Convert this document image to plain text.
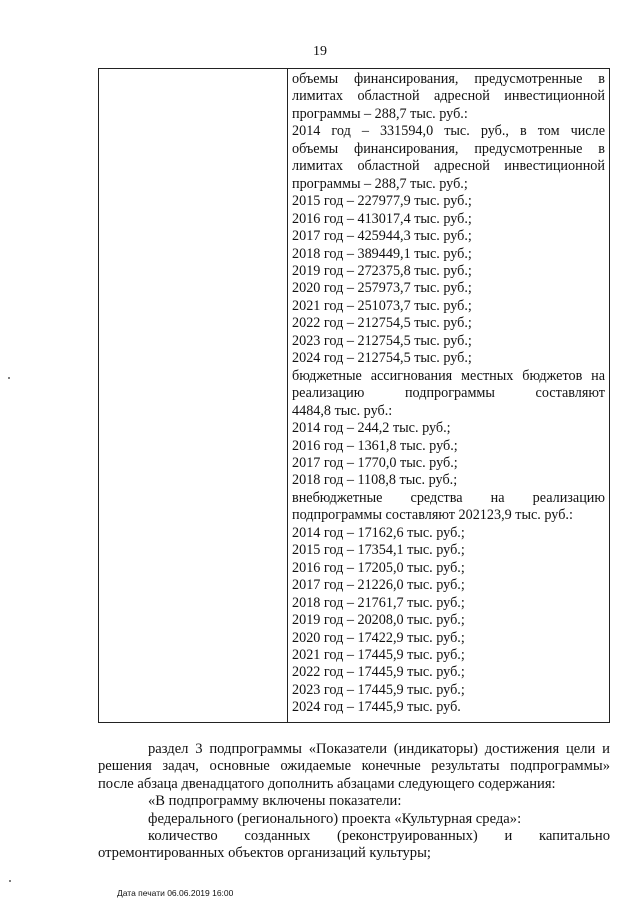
19
объемы финансирования, предусмотренные в
лимитах областной адресной инвестиционной
программы – 288,7 тыс. руб.:
2014 год – 331594,0 тыс. руб., в том числе
объемы финансирования, предусмотренные в
лимитах областной адресной инвестиционной
программы – 288,7 тыс. руб.;
2015 год – 227977,9 тыс. руб.;
2016 год – 413017,4 тыс. руб.;
2017 год – 425944,3 тыс. руб.;
2018 год – 389449,1 тыс. руб.;
2019 год – 272375,8 тыс. руб.;
2020 год – 257973,7 тыс. руб.;
2021 год – 251073,7 тыс. руб.;
2022 год – 212754,5 тыс. руб.;
2023 год – 212754,5 тыс. руб.;
2024 год – 212754,5 тыс. руб.;
бюджетные ассигнования местных бюджетов на
реализацию подпрограммы составляют
4484,8 тыс. руб.:
2014 год – 244,2 тыс. руб.;
2016 год – 1361,8 тыс. руб.;
2017 год – 1770,0 тыс. руб.;
2018 год – 1108,8 тыс. руб.;
внебюджетные средства на реализацию
подпрограммы составляют 202123,9 тыс. руб.:
2014 год – 17162,6 тыс. руб.;
2015 год – 17354,1 тыс. руб.;
2016 год – 17205,0 тыс. руб.;
2017 год – 21226,0 тыс. руб.;
2018 год – 21761,7 тыс. руб.;
2019 год – 20208,0 тыс. руб.;
2020 год – 17422,9 тыс. руб.;
2021 год – 17445,9 тыс. руб.;
2022 год – 17445,9 тыс. руб.;
2023 год – 17445,9 тыс. руб.;
2024 год – 17445,9 тыс. руб.
раздел 3 подпрограммы «Показатели (индикаторы) достижения цели и
решения задач, основные ожидаемые конечные результаты подпрограммы»
после абзаца двенадцатого дополнить абзацами следующего содержания:
«В подпрограмму включены показатели:
федерального (регионального) проекта «Культурная среда»:
количество созданных (реконструированных) и капитально
отремонтированных объектов организаций культуры;
Дата печати 06.06.2019 16:00
